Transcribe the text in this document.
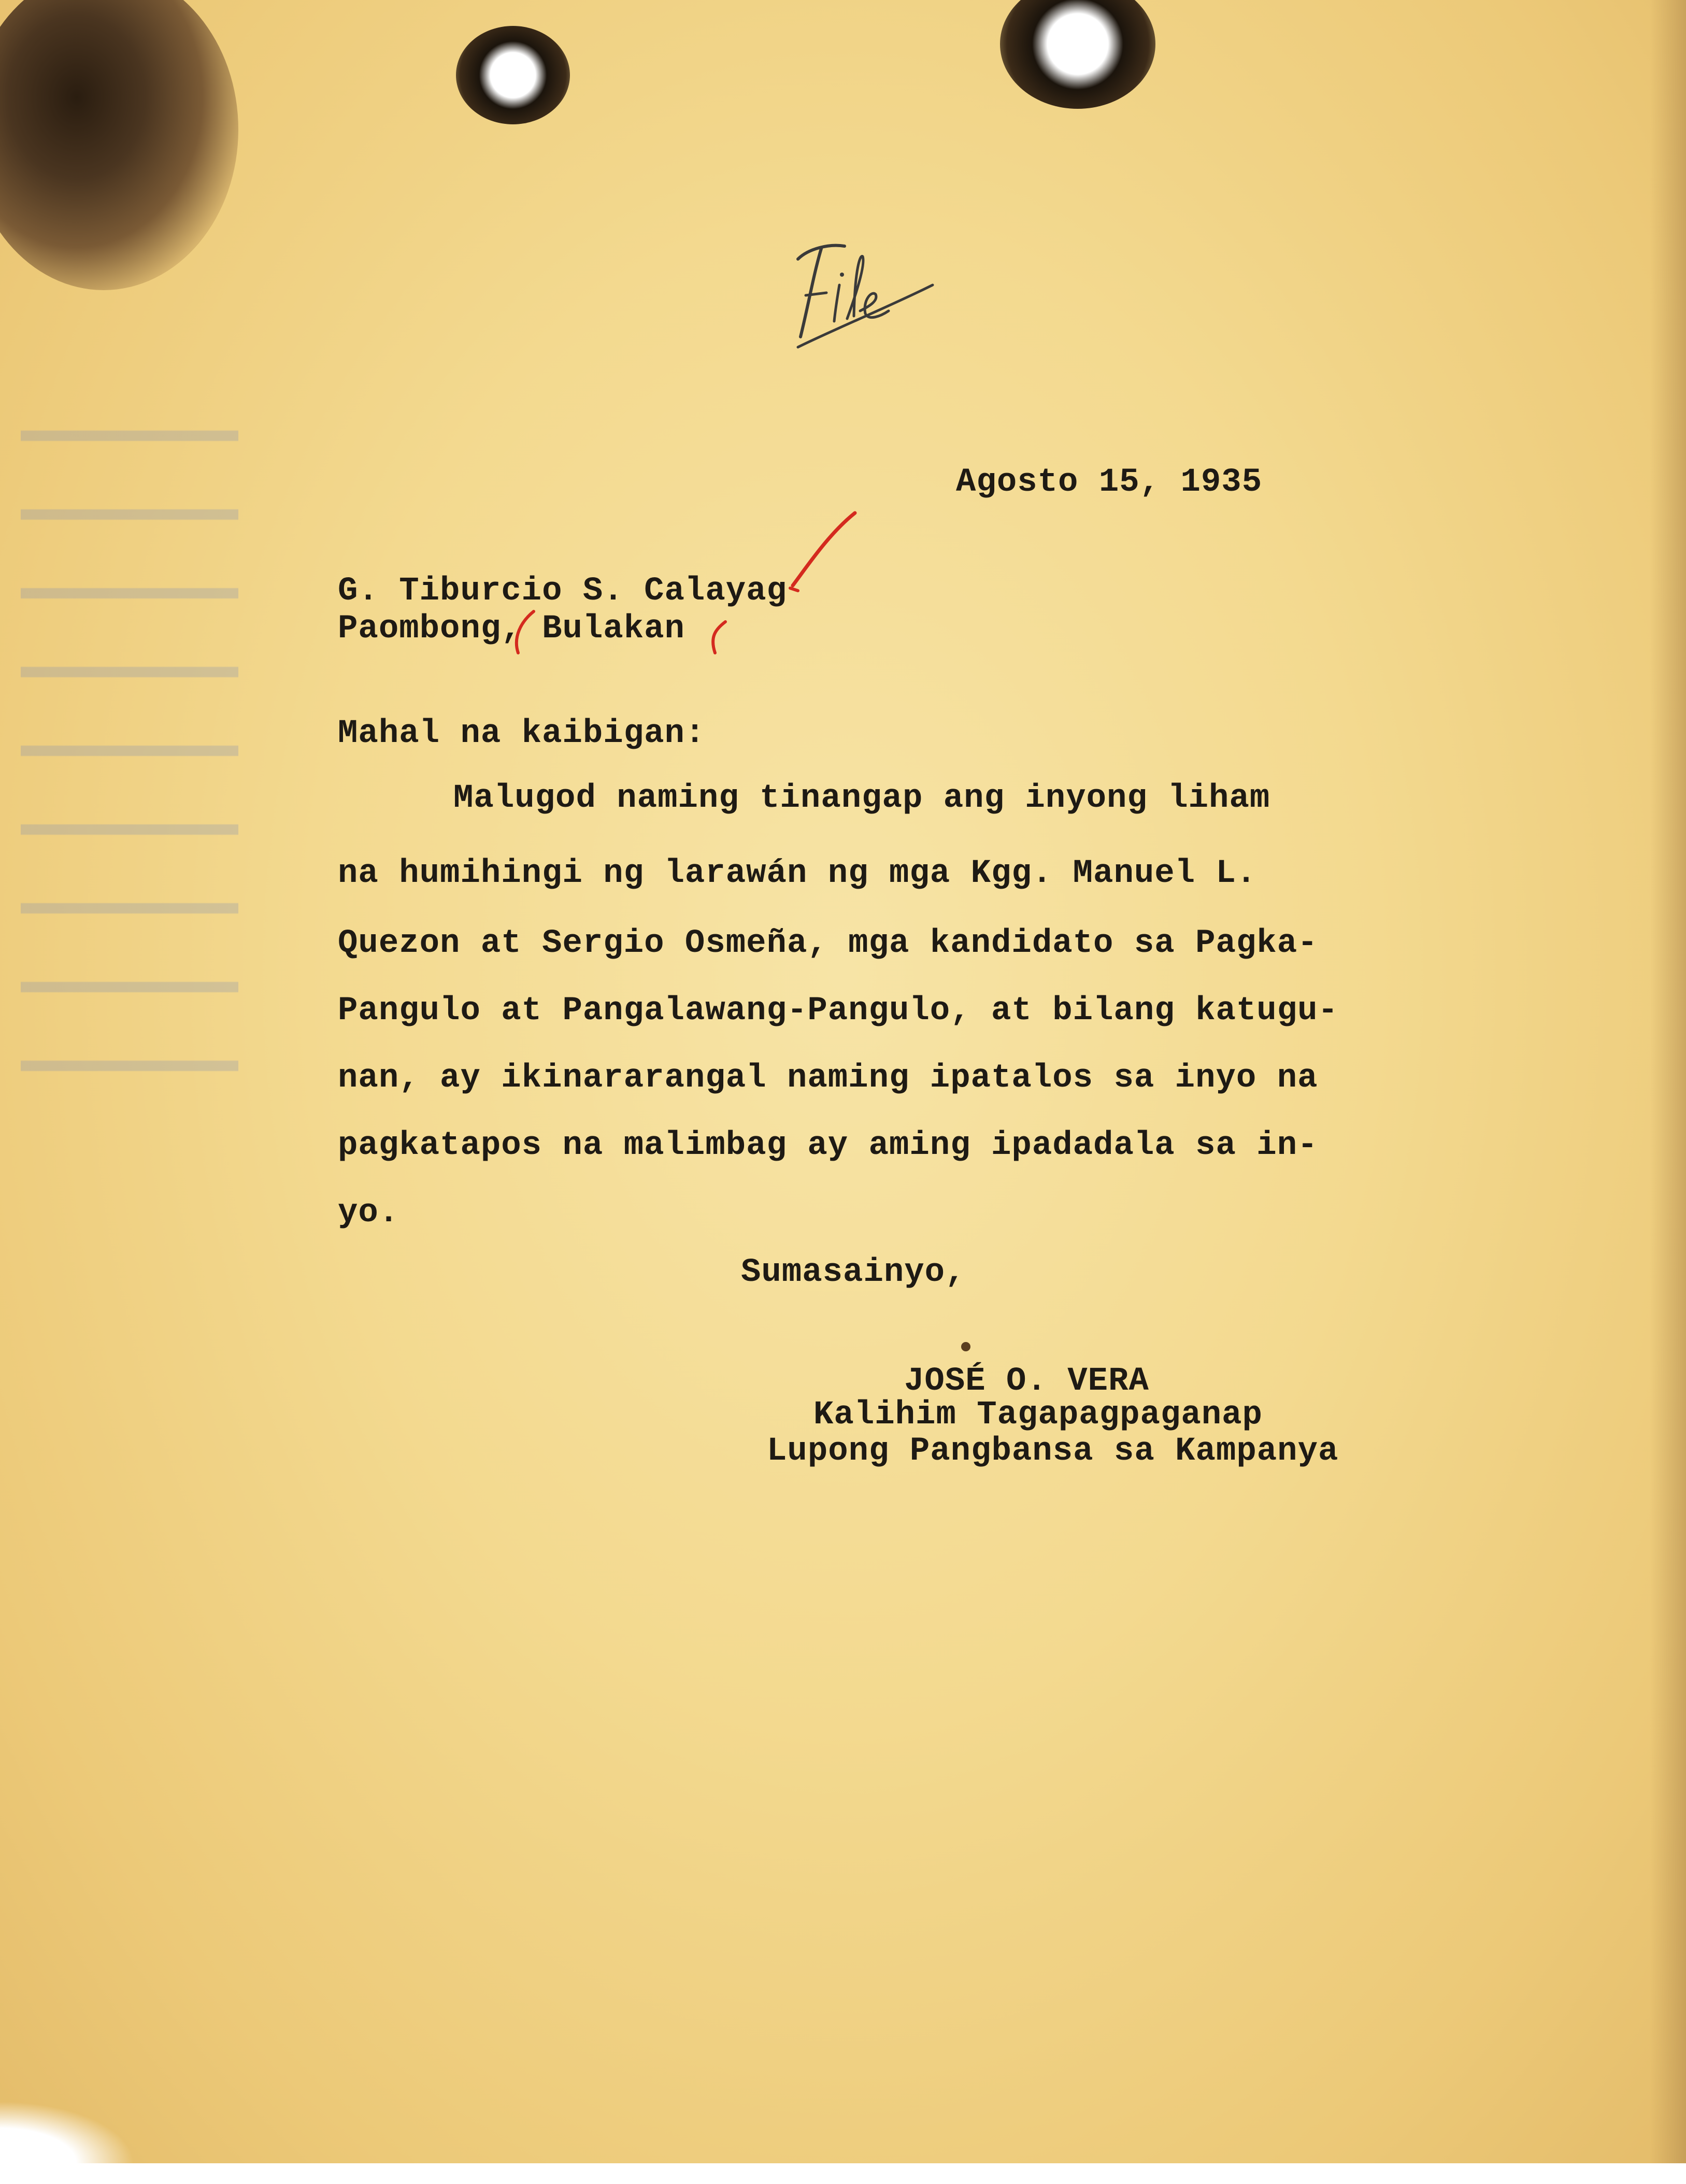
Agosto 15, 1935
G. Tiburcio S. Calayag
Paombong, Bulakan
Mahal na kaibigan:
Malugod naming tinangap ang inyong liham
na humihingi ng larawán ng mga Kgg. Manuel L.
Quezon at Sergio Osmeña, mga kandidato sa Pagka-
Pangulo at Pangalawang-Pangulo, at bilang katugu-
nan, ay ikinararangal naming ipatalos sa inyo na
pagkatapos na malimbag ay aming ipadadala sa in-
yo.
Sumasainyo,
JOSÉ O. VERA
Kalihim Tagapagpaganap
Lupong Pangbansa sa Kampanya
